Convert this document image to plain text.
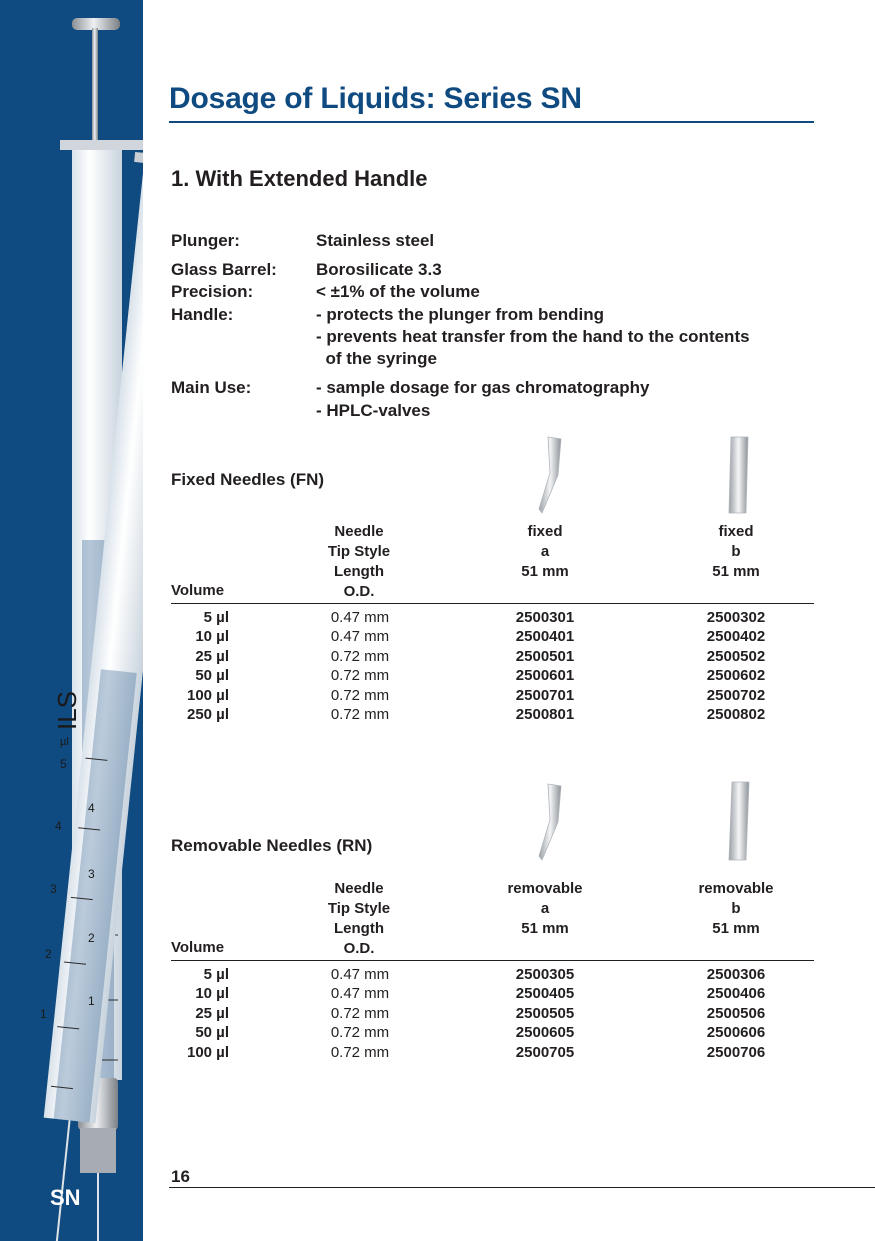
1
2
3
4
1
2
3
4
5
µl
ILS
SN
Dosage of Liquids: Series SN
1. With Extended Handle
Plunger:	Stainless steel
Glass Barrel: Borosilicate 3.3
Precision:	< ±1% of the volume
Handle:	- protects the plunger from bending
- prevents heat transfer from the hand to the contents
of the syringe
Main Use:	- sample dosage for gas chromatography
- HPLC-valves
Fixed Needles (FN)
Needle
Tip Style
Length
O.D.
fixed
a
51 mm
fixed
b
51 mm
Volume
5 µl	0.47 mm	2500301	2500302
10 µl	0.47 mm	2500401	2500402
25 µl	0.72 mm	2500501	2500502
50 µl	0.72 mm	2500601	2500602
100 µl	0.72 mm	2500701	2500702
250 µl	0.72 mm	2500801	2500802
Removable Needles (RN)
Needle
Tip Style
Length
O.D.
removable
a
51 mm
removable
b
51 mm
Volume
5 µl	0.47 mm	2500305	2500306
10 µl	0.47 mm	2500405	2500406
25 µl	0.72 mm	2500505	2500506
50 µl	0.72 mm	2500605	2500606
100 µl	0.72 mm	2500705	2500706
16
